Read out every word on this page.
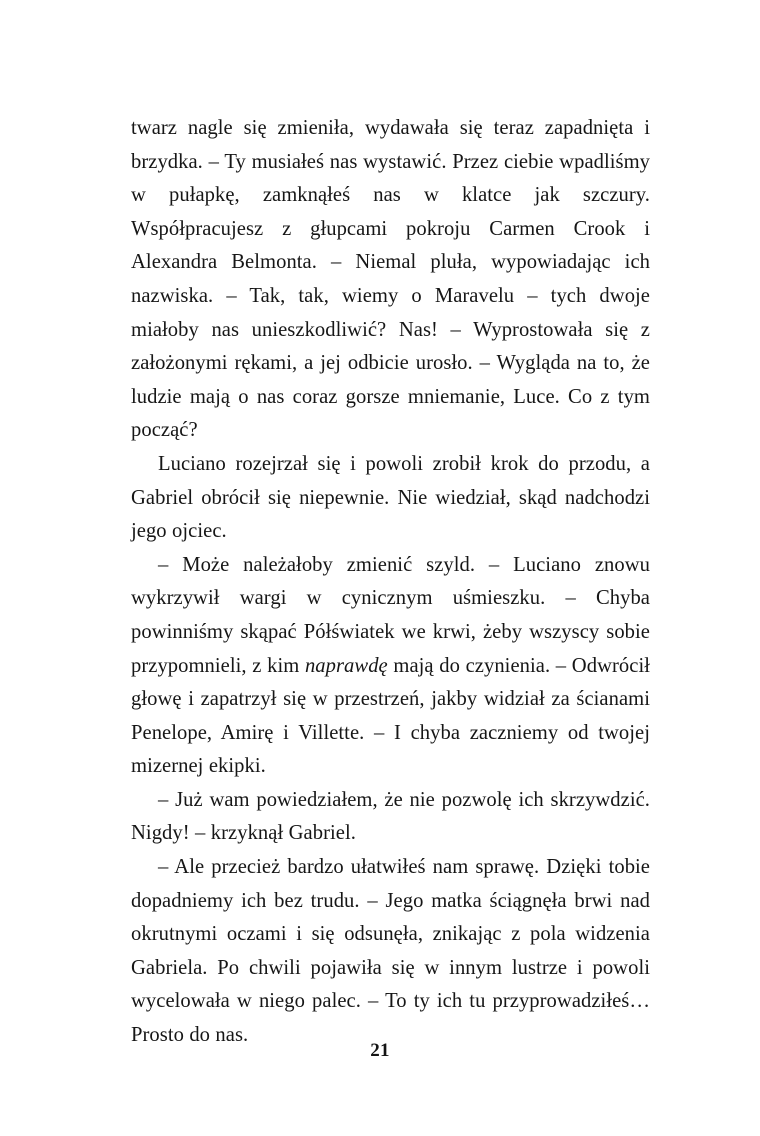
twarz nagle się zmieniła, wydawała się teraz zapadnięta i brzydka. – Ty musiałeś nas wystawić. Przez ciebie wpadliśmy w pułapkę, zamknąłeś nas w klatce jak szczury. Współpracujesz z głupcami pokroju Carmen Crook i Alexandra Belmonta. – Niemal pluła, wypowiadając ich nazwiska. – Tak, tak, wiemy o Maravelu – tych dwoje miałoby nas unieszkodliwić? Nas! – Wyprostowała się z założonymi rękami, a jej odbicie urosło. – Wygląda na to, że ludzie mają o nas coraz gorsze mniemanie, Luce. Co z tym począć?

Luciano rozejrzał się i powoli zrobił krok do przodu, a Gabriel obrócił się niepewnie. Nie wiedział, skąd nadchodzi jego ojciec.

– Może należałoby zmienić szyld. – Luciano znowu wykrzywił wargi w cynicznym uśmieszku. – Chyba powinniśmy skąpać Półświatek we krwi, żeby wszyscy sobie przypomnieli, z kim naprawdę mają do czynienia. – Odwrócił głowę i zapatrzył się w przestrzeń, jakby widział za ścianami Penelope, Amirę i Villette. – I chyba zaczniemy od twojej mizernej ekipki.

– Już wam powiedziałem, że nie pozwolę ich skrzywdzić. Nigdy! – krzyknął Gabriel.

– Ale przecież bardzo ułatwiłeś nam sprawę. Dzięki tobie dopadniemy ich bez trudu. – Jego matka ściągnęła brwi nad okrutnymi oczami i się odsunęła, znikając z pola widzenia Gabriela. Po chwili pojawiła się w innym lustrze i powoli wycelowała w niego palec. – To ty ich tu przyprowadziłeś… Prosto do nas.

21
